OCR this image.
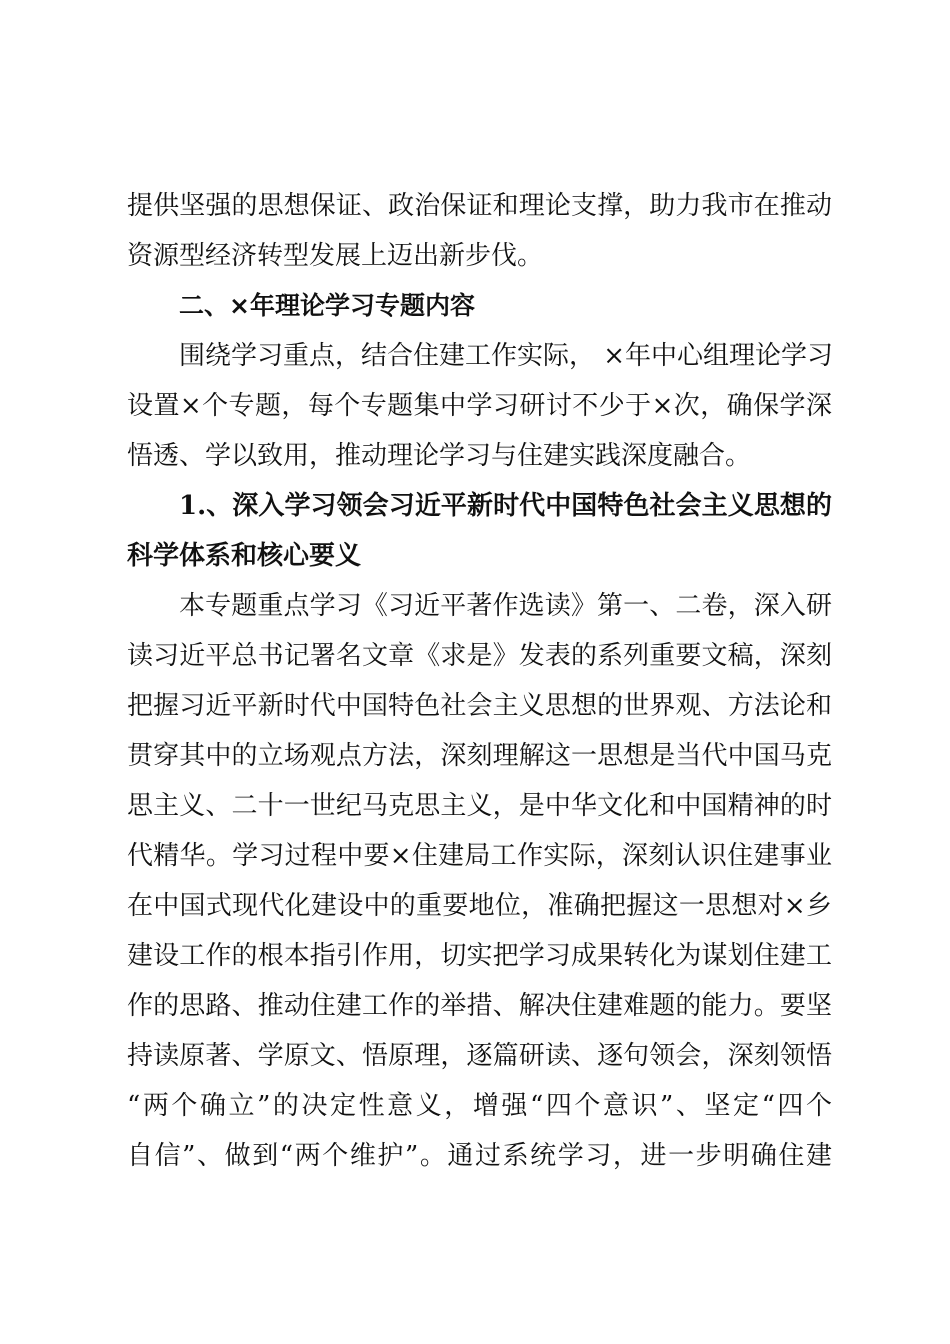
提供坚强的思想保证、政治保证和理论支撑，助力我市在推动
资源型经济转型发展上迈出新步伐。
二、×年理论学习专题内容
围绕学习重点，结合住建工作实际， ×年中心组理论学习
设置×个专题，每个专题集中学习研讨不少于×次，确保学深
悟透、学以致用，推动理论学习与住建实践深度融合。
1.、深入学习领会习近平新时代中国特色社会主义思想的
科学体系和核心要义
本专题重点学习《习近平著作选读》第一、二卷，深入研
读习近平总书记署名文章《求是》发表的系列重要文稿，深刻
把握习近平新时代中国特色社会主义思想的世界观、方法论和
贯穿其中的立场观点方法，深刻理解这一思想是当代中国马克
思主义、二十一世纪马克思主义，是中华文化和中国精神的时
代精华。学习过程中要×住建局工作实际，深刻认识住建事业
在中国式现代化建设中的重要地位，准确把握这一思想对×乡
建设工作的根本指引作用，切实把学习成果转化为谋划住建工
作的思路、推动住建工作的举措、解决住建难题的能力。要坚
持读原著、学原文、悟原理，逐篇研读、逐句领会，深刻领悟
“两个确立”的决定性意义，增强“四个意识”、坚定“四个
自信”、做到“两个维护”。通过系统学习，进一步明确住建
